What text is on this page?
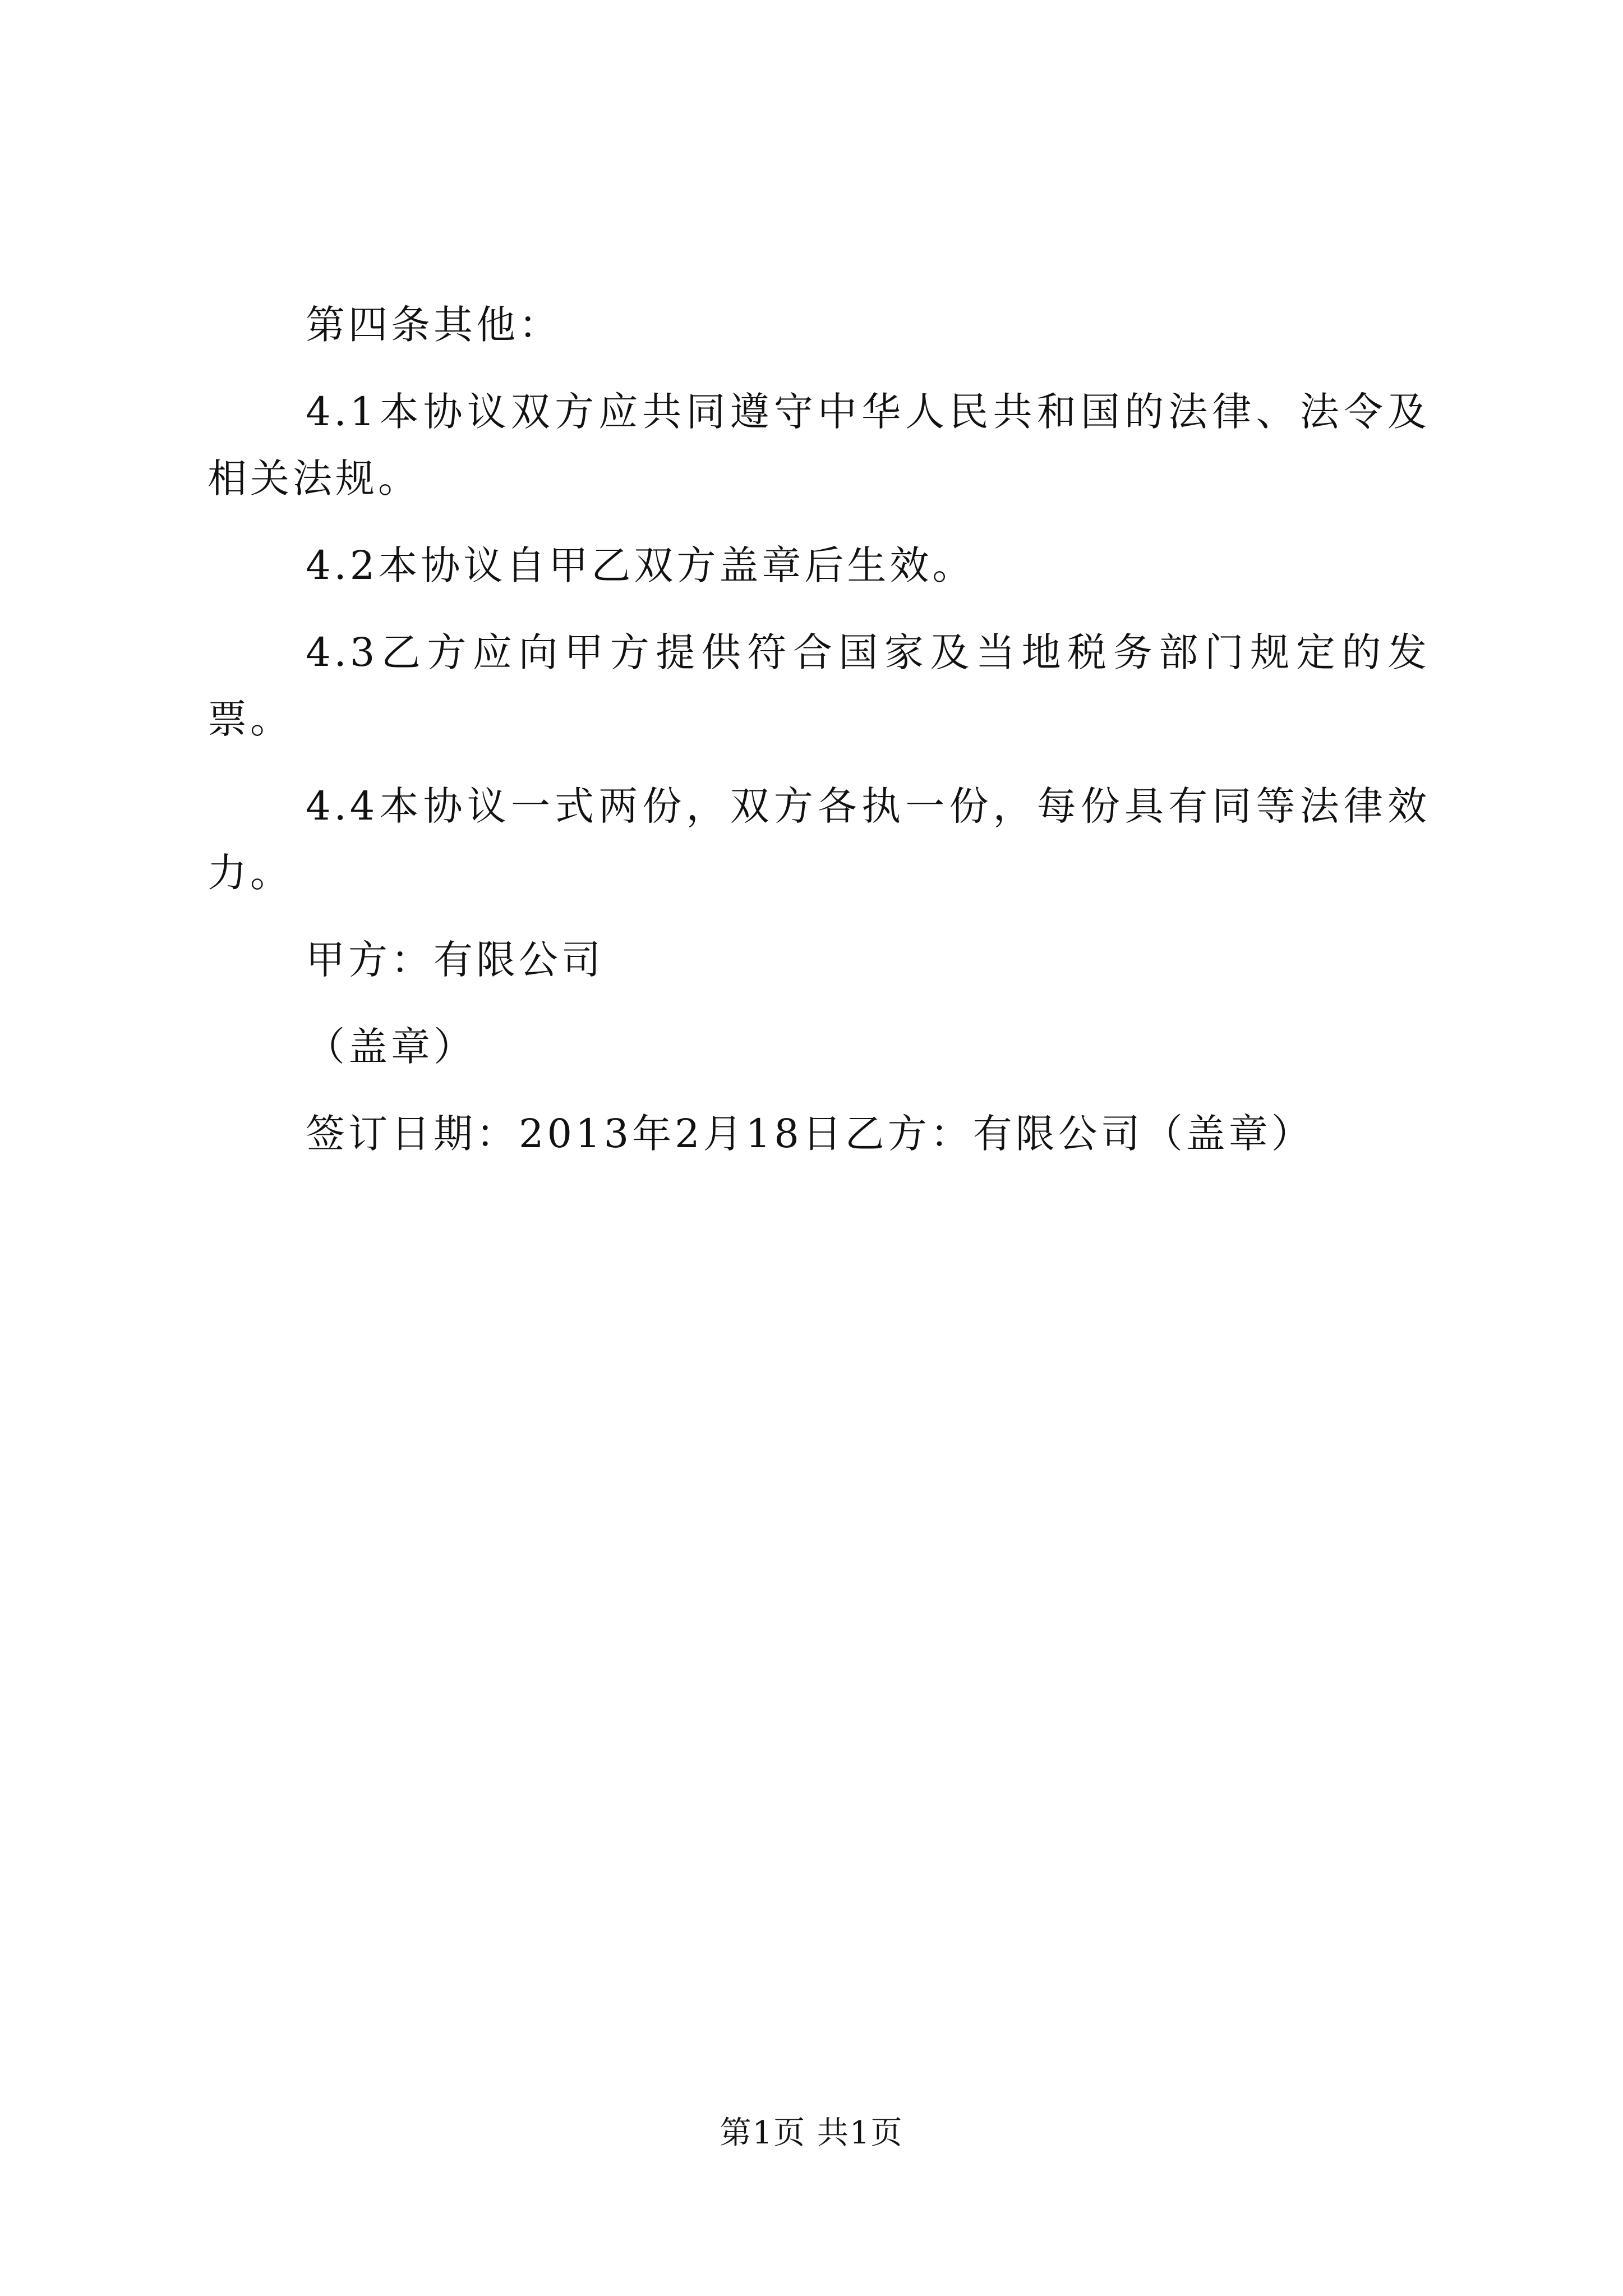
第四条其他：

4.1本协议双方应共同遵守中华人民共和国的法律、法令及相关法规。

4.2本协议自甲乙双方盖章后生效。

4.3乙方应向甲方提供符合国家及当地税务部门规定的发票。

4.4本协议一式两份，双方各执一份，每份具有同等法律效力。

甲方：有限公司

（盖章）

签订日期：2013年2月18日乙方：有限公司（盖章）

第1页 共1页
